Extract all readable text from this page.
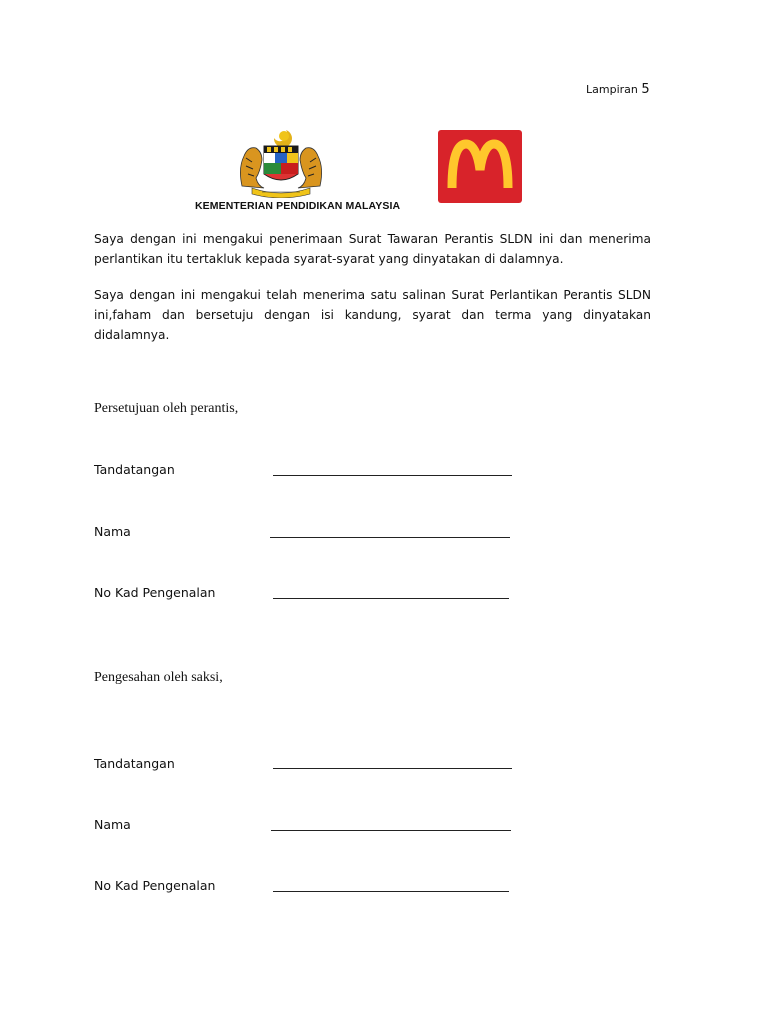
Lampiran 5
KEMENTERIAN PENDIDIKAN MALAYSIA
Saya dengan ini mengakui penerimaan Surat Tawaran Perantis SLDN ini dan menerima perlantikan itu tertakluk kepada syarat-syarat yang dinyatakan di dalamnya.
Saya dengan ini mengakui telah menerima satu salinan Surat Perlantikan Perantis SLDN ini,faham dan bersetuju dengan isi kandung, syarat dan terma yang dinyatakan didalamnya.
Persetujuan oleh perantis,
Tandatangan
Nama
No Kad Pengenalan
Pengesahan oleh saksi,
Tandatangan
Nama
No Kad Pengenalan
